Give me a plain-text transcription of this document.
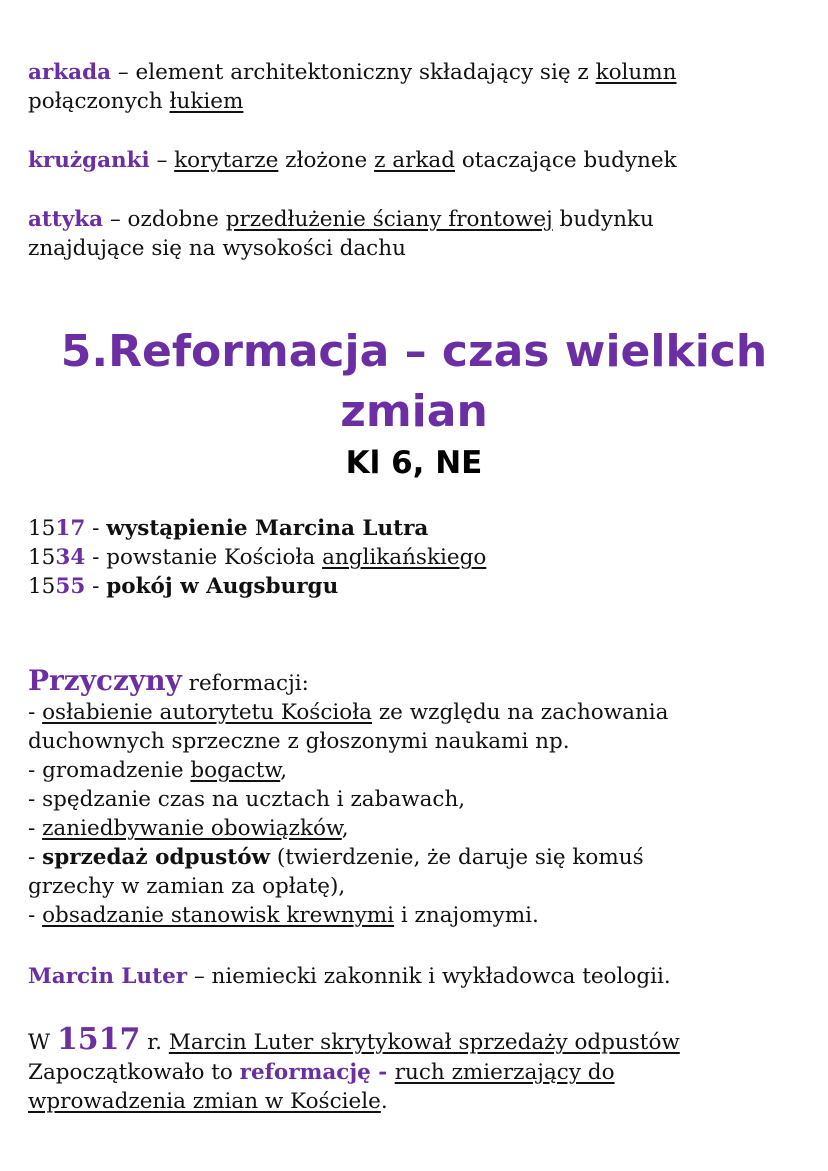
arkada – element architektoniczny składający się z kolumn
połączonych łukiem
krużganki – korytarze złożone z arkad otaczające budynek
attyka – ozdobne przedłużenie ściany frontowej budynku
znajdujące się na wysokości dachu
5.Reformacja – czas wielkich
zmian
Kl 6, NE
1517 - wystąpienie Marcina Lutra
1534 - powstanie Kościoła anglikańskiego
1555 - pokój w Augsburgu
Przyczyny reformacji:
- osłabienie autorytetu Kościoła ze względu na zachowania
duchownych sprzeczne z głoszonymi naukami np.
- gromadzenie bogactw,
- spędzanie czas na ucztach i zabawach,
- zaniedbywanie obowiązków,
- sprzedaż odpustów (twierdzenie, że daruje się komuś
grzechy w zamian za opłatę),
- obsadzanie stanowisk krewnymi i znajomymi.
Marcin Luter – niemiecki zakonnik i wykładowca teologii.
W 1517 r. Marcin Luter skrytykował sprzedaży odpustów
Zapoczątkowało to reformację - ruch zmierzający do
wprowadzenia zmian w Kościele.
